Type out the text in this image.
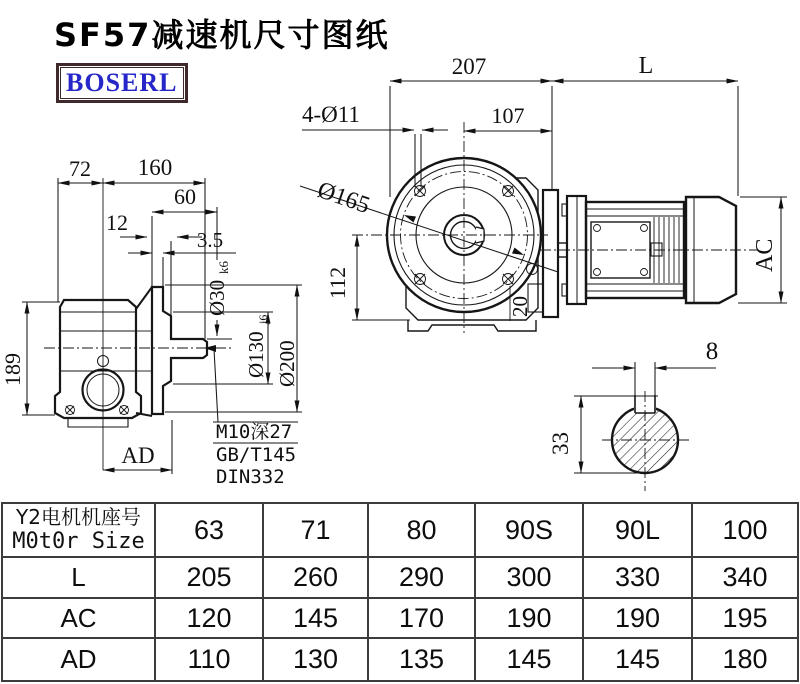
SF57减速机尺寸图纸
BOSERL
72 160
60
12
3.5
Ø30
k6
Ø130
j6
Ø200
189
AD
M10深27
GB/T145
DIN332
207	L
107
4-Ø11
Ø165
112
20
AC
8
33
Y2电机机座号
M0t0r Size	63	71	80	90S	90L	100
L	205	260	290	300	330	340
AC	120	145	170	190	190	195
AD	110	130	135	145	145	180
